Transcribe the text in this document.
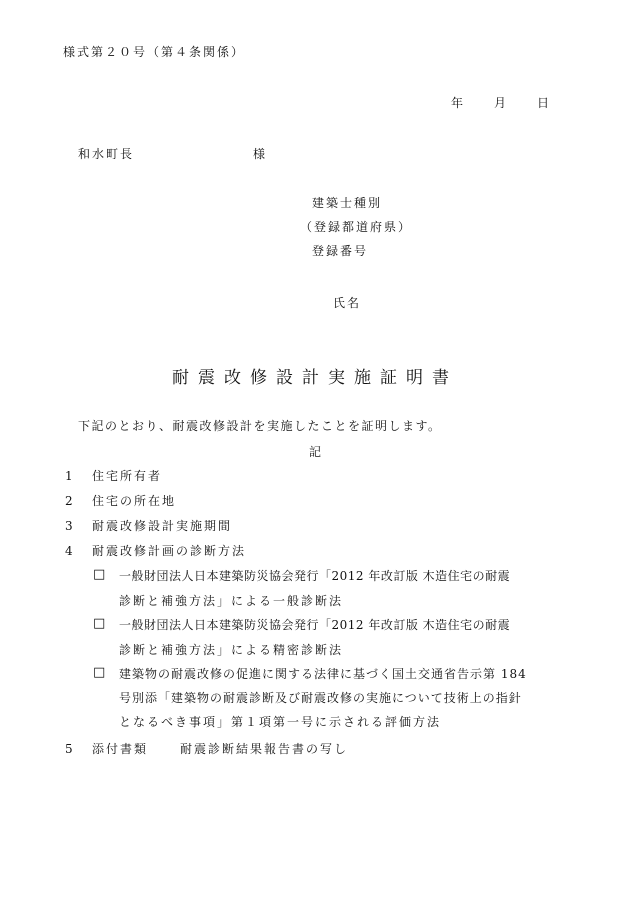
様式第２０号（第４条関係）
年	月	日
和水町長	様
建築士種別
（登録都道府県）
登録番号
氏名
耐震改修設計実施証明書
下記のとおり、耐震改修設計を実施したことを証明します。
記
1 住宅所有者
2 住宅の所在地
3 耐震改修設計実施期間
4 耐震改修計画の診断方法
□ 一般財団法人日本建築防災協会発行「2012 年改訂版 木造住宅の耐震
診断と補強方法」による一般診断法
□ 一般財団法人日本建築防災協会発行「2012 年改訂版 木造住宅の耐震
診断と補強方法」による精密診断法
□ 建築物の耐震改修の促進に関する法律に基づく国土交通省告示第 184
号別添「建築物の耐震診断及び耐震改修の実施について技術上の指針
となるべき事項」第１項第一号に示される評価方法
5 添付書類	耐震診断結果報告書の写し
